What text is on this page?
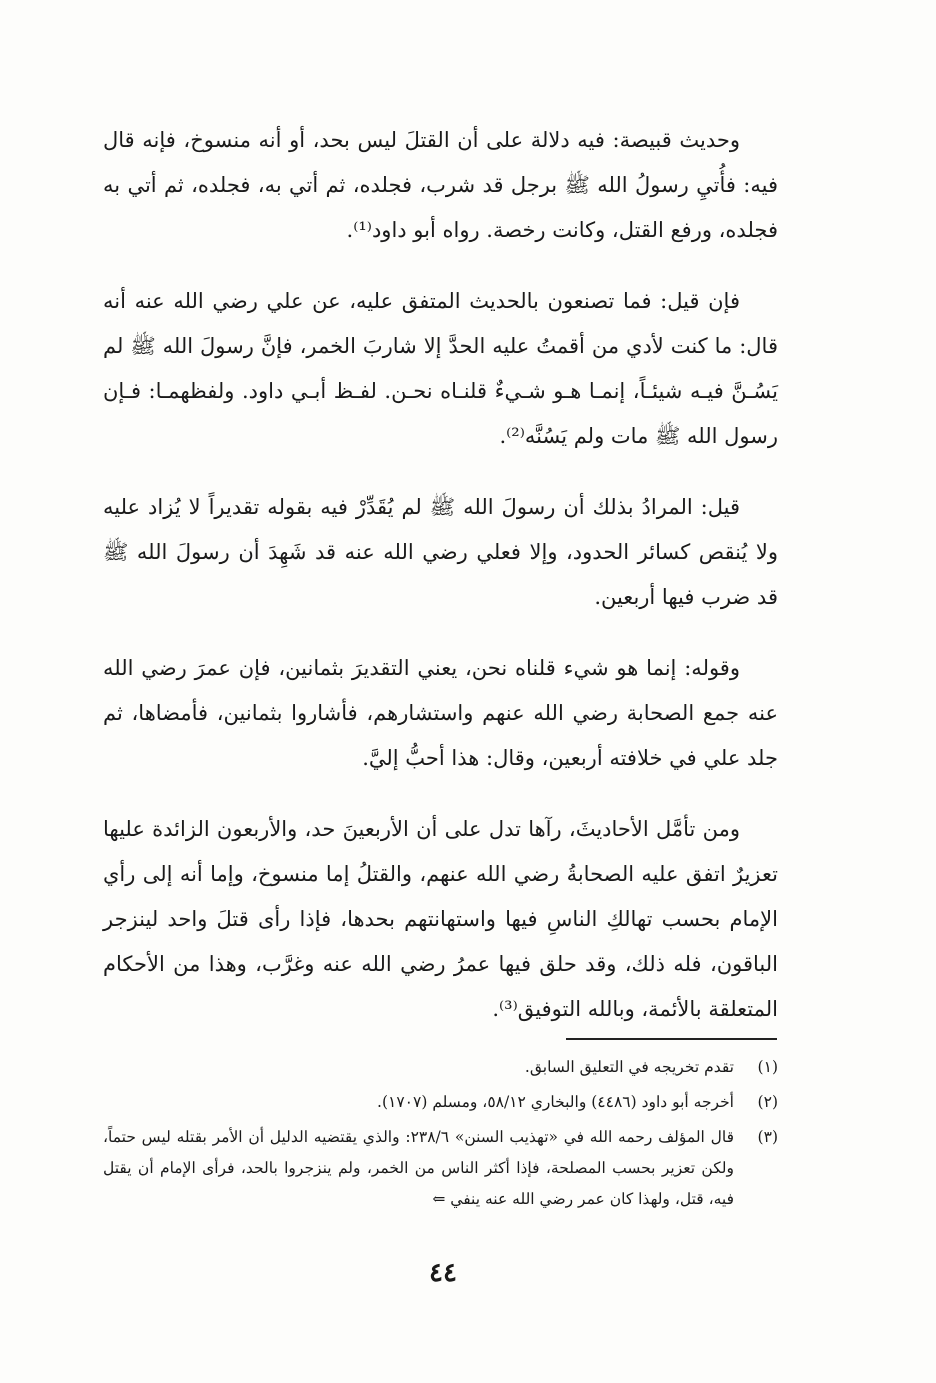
وحديث قبيصة: فيه دلالة على أن القتلَ ليس بحد، أو أنه منسوخ، فإنه قال فيه: فأُتيِ رسولُ الله ﷺ برجل قد شرب، فجلده، ثم أتي به، فجلده، ثم أتي به فجلده، ورفع القتل، وكانت رخصة. رواه أبو داود⁽¹⁾.

فإن قيل: فما تصنعون بالحديث المتفق عليه، عن علي رضي الله عنه أنه قال: ما كنت لأدي من أقمتُ عليه الحدَّ إلا شاربَ الخمر، فإنَّ رسولَ الله ﷺ لم يَسُـنَّ فيـه شيئـاً، إنمـا هـو شـيءٌ قلنـاه نحـن. لفـظ أبـي داود. ولفظهمـا: فـإن رسول الله ﷺ مات ولم يَسُنَّه⁽²⁾.

قيل: المرادُ بذلك أن رسولَ الله ﷺ لم يُقَدِّرْ فيه بقوله تقديراً لا يُزاد عليه ولا يُنقص كسائر الحدود، وإلا فعلي رضي الله عنه قد شَهِدَ أن رسولَ الله ﷺ قد ضرب فيها أربعين.

وقوله: إنما هو شيء قلناه نحن، يعني التقديرَ بثمانين، فإن عمرَ رضي الله عنه جمع الصحابة رضي الله عنهم واستشارهم، فأشاروا بثمانين، فأمضاها، ثم جلد علي في خلافته أربعين، وقال: هذا أحبُّ إليَّ.

ومن تأمَّل الأحاديثَ، رآها تدل على أن الأربعينَ حد، والأربعون الزائدة عليها تعزيرٌ اتفق عليه الصحابةُ رضي الله عنهم، والقتلُ إما منسوخ، وإما أنه إلى رأي الإمام بحسب تهالكِ الناسِ فيها واستهانتهم بحدها، فإذا رأى قتلَ واحد لينزجر الباقون، فله ذلك، وقد حلق فيها عمرُ رضي الله عنه وغرَّب، وهذا من الأحكام المتعلقة بالأئمة، وبالله التوفيق⁽³⁾.

(١)
تقدم تخريجه في التعليق السابق.
(٢)
أخرجه أبو داود (٤٤٨٦) والبخاري ٥٨/١٢، ومسلم (١٧٠٧).
(٣)
قال المؤلف رحمه الله في «تهذيب السنن» ٢٣٨/٦: والذي يقتضيه الدليل أن الأمر بقتله ليس حتماً، ولكن تعزير بحسب المصلحة، فإذا أكثر الناس من الخمر، ولم ينزجروا بالحد، فرأى الإمام أن يقتل فيه، قتل، ولهذا كان عمر رضي الله عنه ينفي ⇐
٤٤
